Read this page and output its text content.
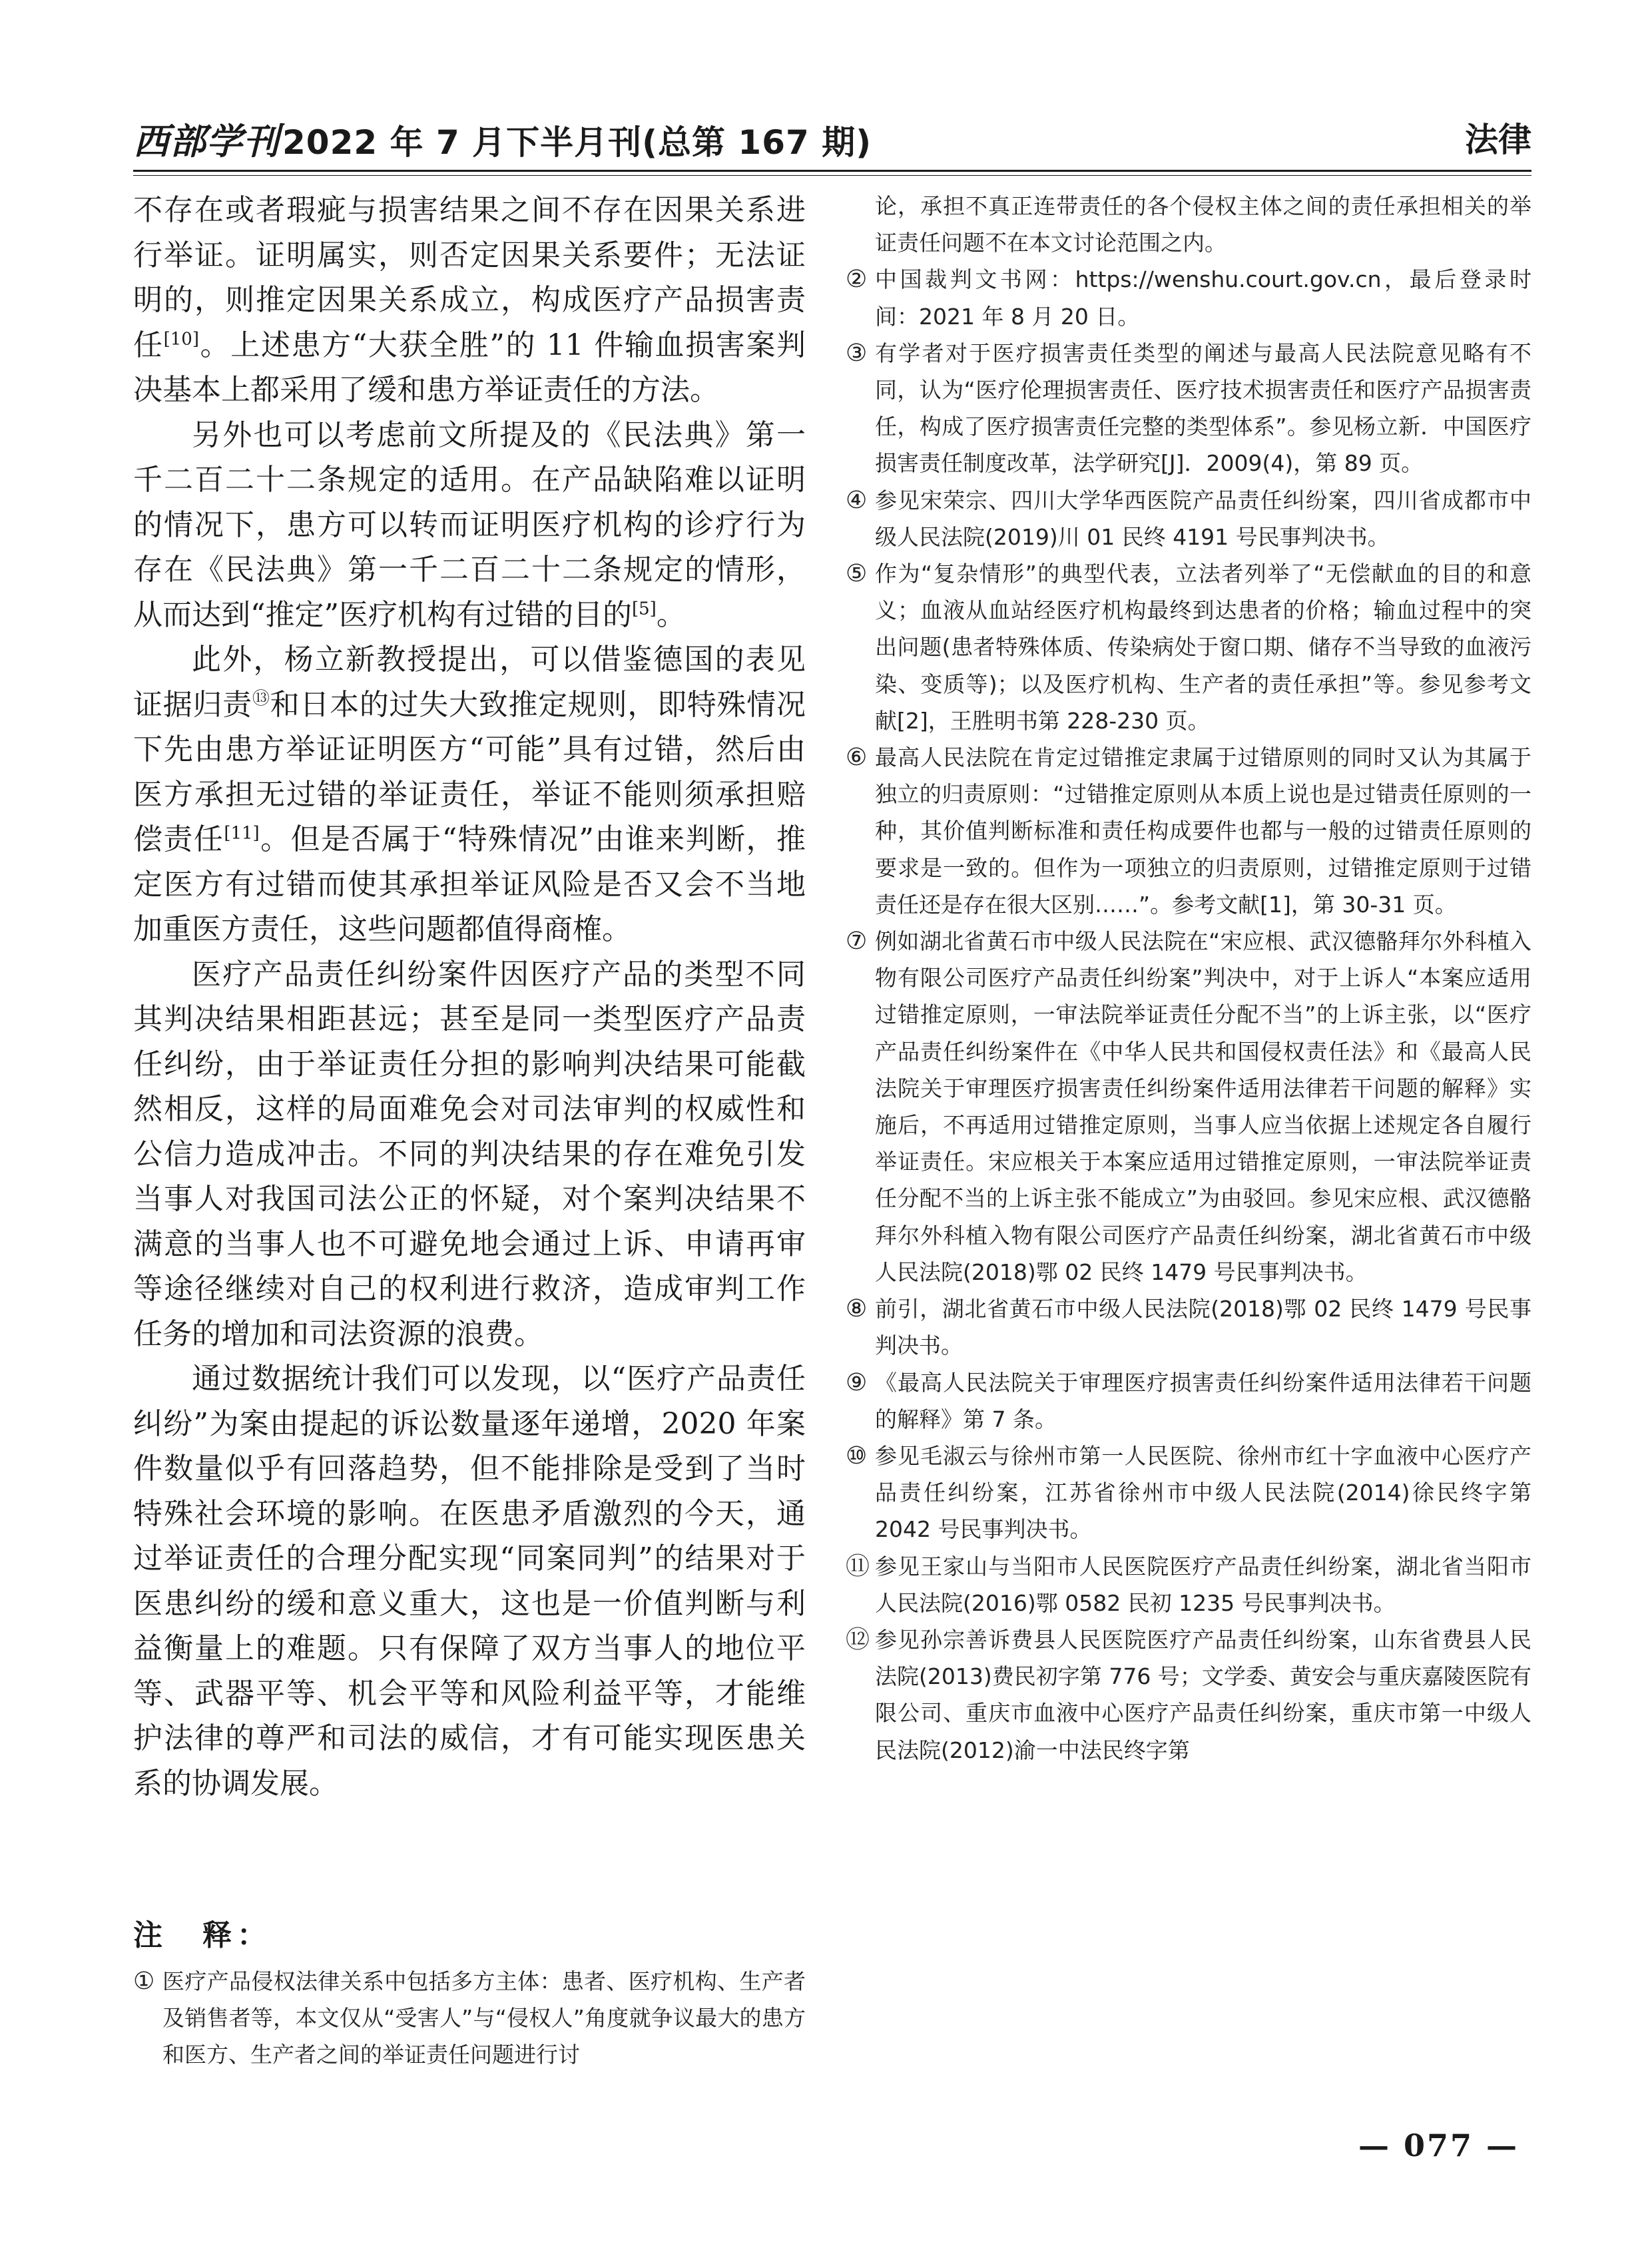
西部学刊2022 年 7 月下半月刊(总第 167 期)	法律

不存在或者瑕疵与损害结果之间不存在因果关系进行举证。证明属实，则否定因果关系要件；无法证明的，则推定因果关系成立，构成医疗产品损害责任[10]。上述患方“大获全胜”的 11 件输血损害案判决基本上都采用了缓和患方举证责任的方法。

另外也可以考虑前文所提及的《民法典》第一千二百二十二条规定的适用。在产品缺陷难以证明的情况下，患方可以转而证明医疗机构的诊疗行为存在《民法典》第一千二百二十二条规定的情形，从而达到“推定”医疗机构有过错的目的[5]。

此外，杨立新教授提出，可以借鉴德国的表见证据归责⑬和日本的过失大致推定规则，即特殊情况下先由患方举证证明医方“可能”具有过错，然后由医方承担无过错的举证责任，举证不能则须承担赔偿责任[11]。但是否属于“特殊情况”由谁来判断，推定医方有过错而使其承担举证风险是否又会不当地加重医方责任，这些问题都值得商榷。

医疗产品责任纠纷案件因医疗产品的类型不同其判决结果相距甚远；甚至是同一类型医疗产品责任纠纷，由于举证责任分担的影响判决结果可能截然相反，这样的局面难免会对司法审判的权威性和公信力造成冲击。不同的判决结果的存在难免引发当事人对我国司法公正的怀疑，对个案判决结果不满意的当事人也不可避免地会通过上诉、申请再审等途径继续对自己的权利进行救济，造成审判工作任务的增加和司法资源的浪费。

通过数据统计我们可以发现，以“医疗产品责任纠纷”为案由提起的诉讼数量逐年递增，2020 年案件数量似乎有回落趋势，但不能排除是受到了当时特殊社会环境的影响。在医患矛盾激烈的今天，通过举证责任的合理分配实现“同案同判”的结果对于医患纠纷的缓和意义重大，这也是一价值判断与利益衡量上的难题。只有保障了双方当事人的地位平等、武器平等、机会平等和风险利益平等，才能维护法律的尊严和司法的威信，才有可能实现医患关系的协调发展。

注　释：
① 医疗产品侵权法律关系中包括多方主体：患者、医疗机构、生产者及销售者等，本文仅从“受害人”与“侵权人”角度就争议最大的患方和医方、生产者之间的举证责任问题进行讨
论，承担不真正连带责任的各个侵权主体之间的责任承担相关的举证责任问题不在本文讨论范围之内。
② 中国裁判文书网：https://wenshu.court.gov.cn，最后登录时间：2021 年 8 月 20 日。
③ 有学者对于医疗损害责任类型的阐述与最高人民法院意见略有不同，认为“医疗伦理损害责任、医疗技术损害责任和医疗产品损害责任，构成了医疗损害责任完整的类型体系”。参见杨立新．中国医疗损害责任制度改革，法学研究[J]．2009(4)，第 89 页。
④ 参见宋荣宗、四川大学华西医院产品责任纠纷案，四川省成都市中级人民法院(2019)川 01 民终 4191 号民事判决书。
⑤ 作为“复杂情形”的典型代表，立法者列举了“无偿献血的目的和意义；血液从血站经医疗机构最终到达患者的价格；输血过程中的突出问题(患者特殊体质、传染病处于窗口期、储存不当导致的血液污染、变质等)；以及医疗机构、生产者的责任承担”等。参见参考文献[2]，王胜明书第 228-230 页。
⑥ 最高人民法院在肯定过错推定隶属于过错原则的同时又认为其属于独立的归责原则：“过错推定原则从本质上说也是过错责任原则的一种，其价值判断标准和责任构成要件也都与一般的过错责任原则的要求是一致的。但作为一项独立的归责原则，过错推定原则于过错责任还是存在很大区别……”。参考文献[1]，第 30-31 页。
⑦ 例如湖北省黄石市中级人民法院在“宋应根、武汉德骼拜尔外科植入物有限公司医疗产品责任纠纷案”判决中，对于上诉人“本案应适用过错推定原则，一审法院举证责任分配不当”的上诉主张，以“医疗产品责任纠纷案件在《中华人民共和国侵权责任法》和《最高人民法院关于审理医疗损害责任纠纷案件适用法律若干问题的解释》实施后，不再适用过错推定原则，当事人应当依据上述规定各自履行举证责任。宋应根关于本案应适用过错推定原则，一审法院举证责任分配不当的上诉主张不能成立”为由驳回。参见宋应根、武汉德骼拜尔外科植入物有限公司医疗产品责任纠纷案，湖北省黄石市中级人民法院(2018)鄂 02 民终 1479 号民事判决书。
⑧ 前引，湖北省黄石市中级人民法院(2018)鄂 02 民终 1479 号民事判决书。
⑨ 《最高人民法院关于审理医疗损害责任纠纷案件适用法律若干问题的解释》第 7 条。
⑩ 参见毛淑云与徐州市第一人民医院、徐州市红十字血液中心医疗产品责任纠纷案，江苏省徐州市中级人民法院(2014)徐民终字第 2042 号民事判决书。
⑪ 参见王家山与当阳市人民医院医疗产品责任纠纷案，湖北省当阳市人民法院(2016)鄂 0582 民初 1235 号民事判决书。
⑫ 参见孙宗善诉费县人民医院医疗产品责任纠纷案，山东省费县人民法院(2013)费民初字第 776 号；文学委、黄安会与重庆嘉陵医院有限公司、重庆市血液中心医疗产品责任纠纷案，重庆市第一中级人民法院(2012)渝一中法民终字第
— 077 —
